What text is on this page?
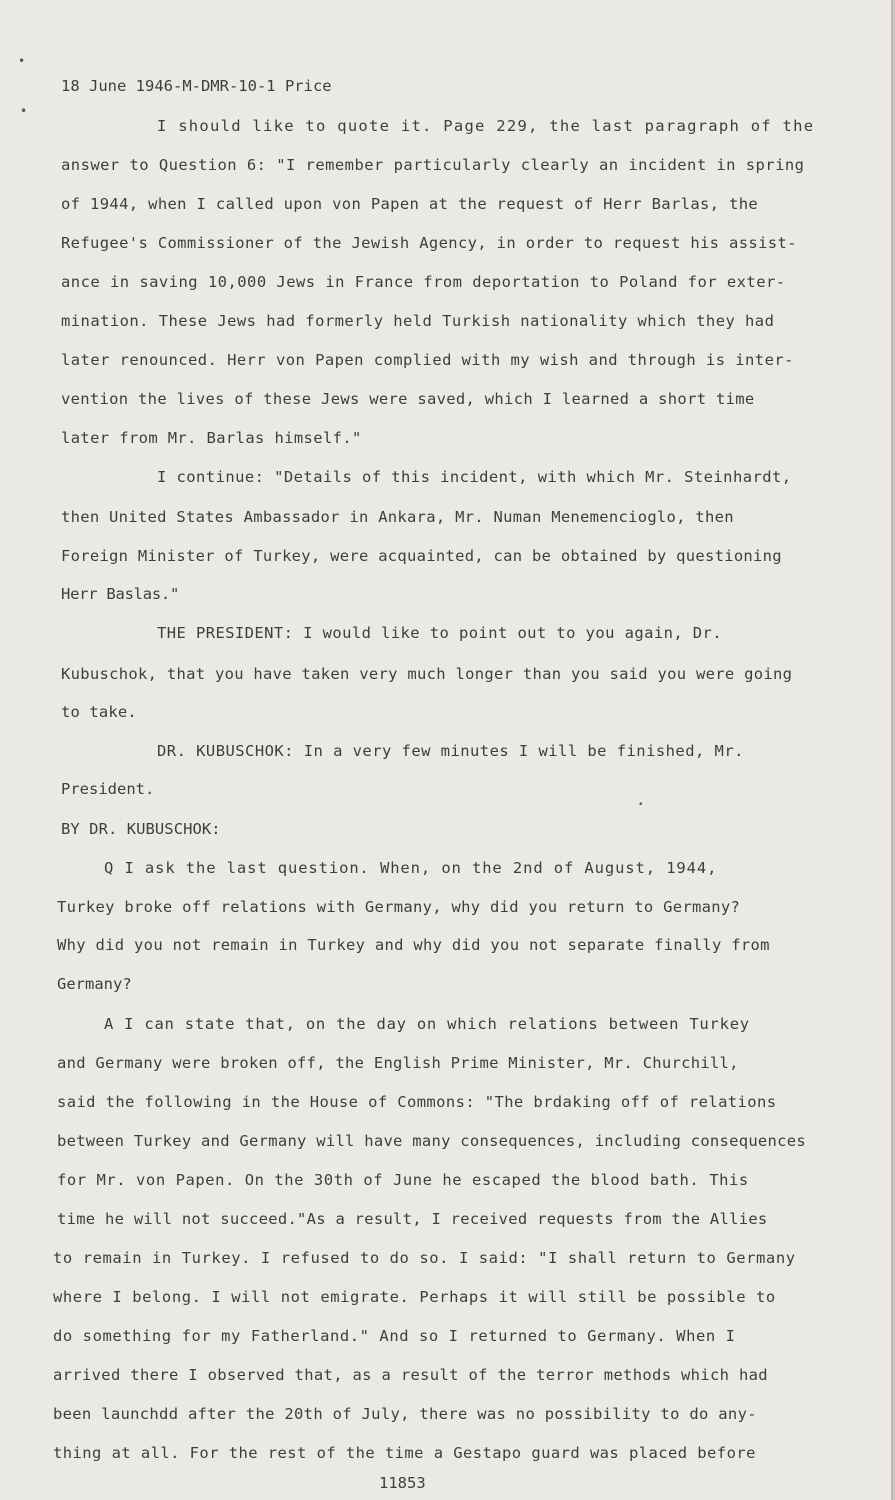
•
•
•
18 June 1946-M-DMR-10-1 Price
I should like to quote it. Page 229, the last paragraph of the
answer to Question 6: "I remember particularly clearly an incident in spring
of 1944, when I called upon von Papen at the request of Herr Barlas, the
Refugee's Commissioner of the Jewish Agency, in order to request his assist-
ance in saving 10,000 Jews in France from deportation to Poland for exter-
mination. These Jews had formerly held Turkish nationality which they had
later renounced. Herr von Papen complied with my wish and through is inter-
vention the lives of these Jews were saved, which I learned a short time
later from Mr. Barlas himself."
I continue: "Details of this incident, with which Mr. Steinhardt,
then United States Ambassador in Ankara, Mr. Numan Menemencioglo, then
Foreign Minister of Turkey, were acquainted, can be obtained by questioning
Herr Baslas."
THE PRESIDENT: I would like to point out to you again, Dr.
Kubuschok, that you have taken very much longer than you said you were going
to take.
DR. KUBUSCHOK: In a very few minutes I will be finished, Mr.
President.
BY DR. KUBUSCHOK:
Q I ask the last question. When, on the 2nd of August, 1944,
Turkey broke off relations with Germany, why did you return to Germany?
Why did you not remain in Turkey and why did you not separate finally from
Germany?
A I can state that, on the day on which relations between Turkey
and Germany were broken off, the English Prime Minister, Mr. Churchill,
said the following in the House of Commons: "The brdaking off of relations
between Turkey and Germany will have many consequences, including consequences
for Mr. von Papen. On the 30th of June he escaped the blood bath. This
time he will not succeed."As a result, I received requests from the Allies
to remain in Turkey. I refused to do so. I said: "I shall return to Germany
where I belong. I will not emigrate. Perhaps it will still be possible to
do something for my Fatherland." And so I returned to Germany. When I
arrived there I observed that, as a result of the terror methods which had
been launchdd after the 20th of July, there was no possibility to do any-
thing at all. For the rest of the time a Gestapo guard was placed before
11853
